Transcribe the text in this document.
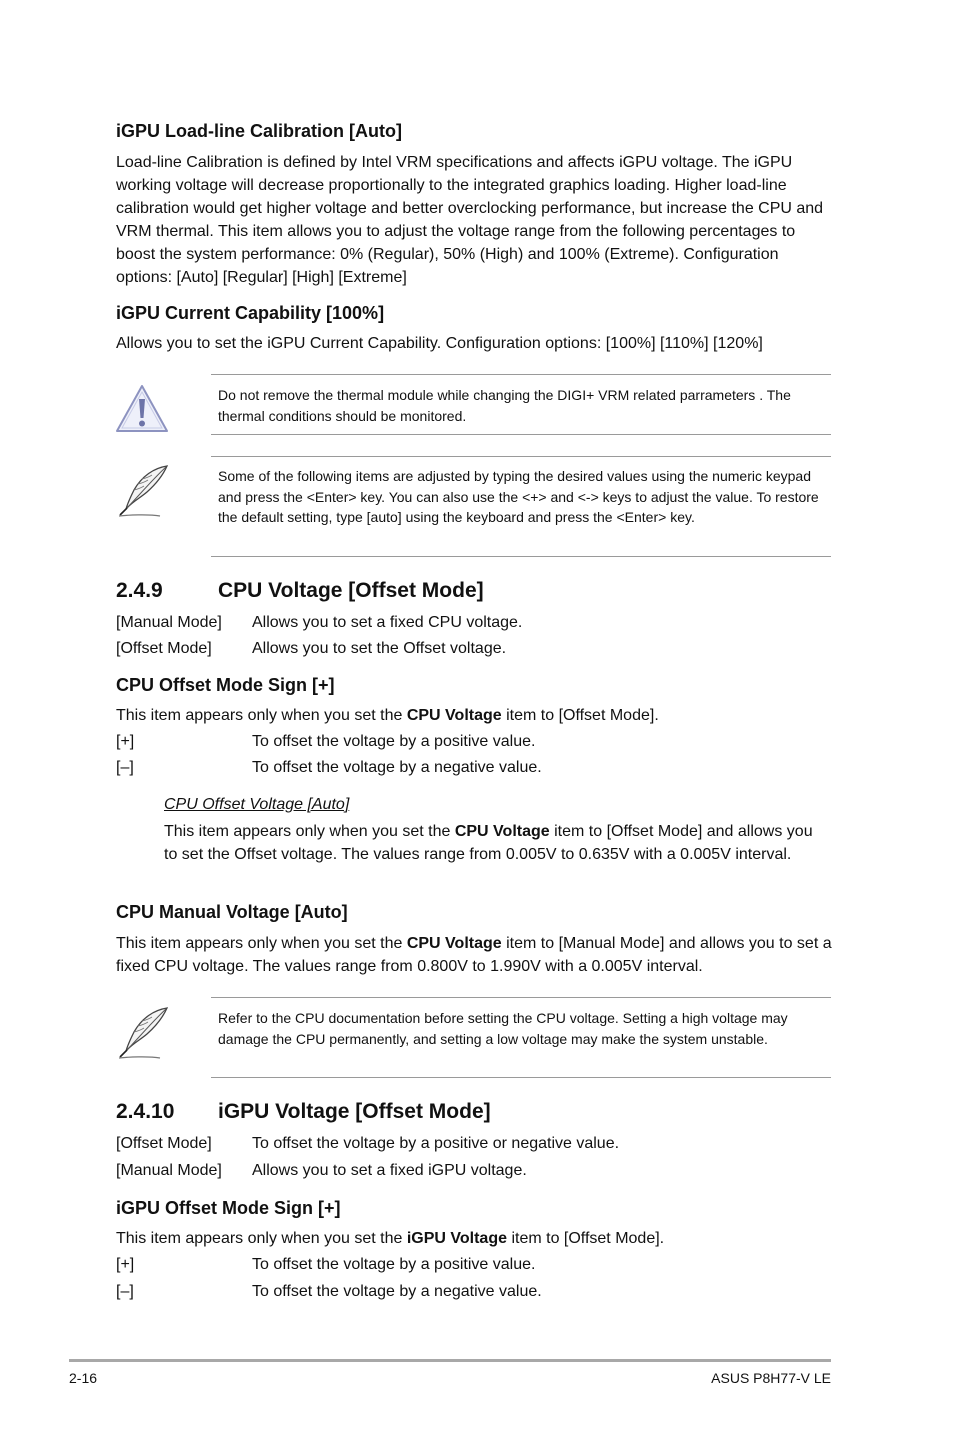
iGPU Load-line Calibration [Auto]
Load-line Calibration is defined by Intel VRM specifications and affects iGPU voltage. The iGPU working voltage will decrease proportionally to the integrated graphics loading. Higher load-line calibration would get higher voltage and better overclocking performance, but increase the CPU and VRM thermal. This item allows you to adjust the voltage range from the following percentages to boost the system performance: 0% (Regular), 50% (High) and 100% (Extreme). Configuration options: [Auto] [Regular] [High] [Extreme]
iGPU Current Capability [100%]
Allows you to set the iGPU Current Capability. Configuration options: [100%] [110%] [120%]
Do not remove the thermal module while changing the DIGI+ VRM related parrameters . The thermal conditions should be monitored.
Some of the following items are adjusted by typing the desired values using the numeric keypad and press the <Enter> key. You can also use the <+> and <-> keys to adjust the value. To restore the default setting, type [auto] using the keyboard and press the <Enter> key.
2.4.9	CPU Voltage [Offset Mode]
[Manual Mode] Allows you to set a fixed CPU voltage.
[Offset Mode]	Allows you to set the Offset voltage.
CPU Offset Mode Sign [+]
This item appears only when you set the CPU Voltage item to [Offset Mode].
[+]	To offset the voltage by a positive value.
[–]	To offset the voltage by a negative value.
CPU Offset Voltage [Auto]
This item appears only when you set the CPU Voltage item to [Offset Mode] and allows you to set the Offset voltage. The values range from 0.005V to 0.635V with a 0.005V interval.
CPU Manual Voltage [Auto]
This item appears only when you set the CPU Voltage item to [Manual Mode] and allows you to set a fixed CPU voltage. The values range from 0.800V to 1.990V with a 0.005V interval.
Refer to the CPU documentation before setting the CPU voltage. Setting a high voltage may damage the CPU permanently, and setting a low voltage may make the system unstable.
2.4.10 iGPU Voltage [Offset Mode]
[Offset Mode]	To offset the voltage by a positive or negative value.
[Manual Mode] Allows you to set a fixed iGPU voltage.
iGPU Offset Mode Sign [+]
This item appears only when you set the iGPU Voltage item to [Offset Mode].
[+]	To offset the voltage by a positive value.
[–]	To offset the voltage by a negative value.
2-16	ASUS P8H77-V LE
